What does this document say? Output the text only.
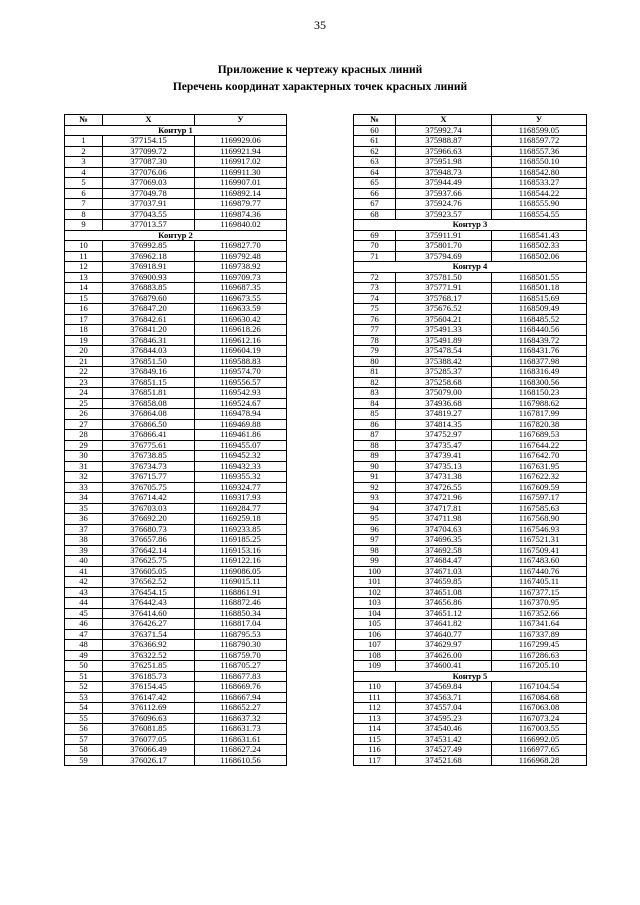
35
Приложение к чертежу красных линий
Перечень координат характерных точек красных линий
№	X	У
Контур 1		
1	377154.15	1169929.06
2	377099.72	1169921.94
3	377087.30	1169917.02
4	377076.06	1169911.30
5	377069.03	1169907.01
6	377049.78	1169892.14
7	377037.91	1169879.77
8	377043.55	1169874.36
9	377013.57	1169840.02
Контур 2		
10	376992.85	1169827.70
11	376962.18	1169792.48
12	376918.91	1169738.92
13	376900.93	1169709.73
14	376883.85	1169687.35
15	376879.60	1169673.55
16	376847.20	1169633.59
17	376842.61	1169630.42
18	376841.20	1169618.26
19	376846.31	1169612.16
20	376844.03	1169604.19
21	376851.50	1169588.83
22	376849.16	1169574.70
23	376851.15	1169556.57
24	376851.81	1169542.93
25	376858.08	1169524.67
26	376864.08	1169478.94
27	376866.50	1169469.88
28	376866.41	1169461.86
29	376775.61	1169455.07
30	376738.85	1169452.32
31	376734.73	1169432.33
32	376715.77	1169355.32
33	376705.75	1169324.77
34	376714.42	1169317.93
35	376703.03	1169284.77
36	376692.20	1169259.18
37	376680.73	1169233.85
38	376657.86	1169185.25
39	376642.14	1169153.16
40	376625.75	1169122.16
41	376605.05	1169086.05
42	376562.52	1169015.11
43	376454.15	1168861.91
44	376442.43	1168872.46
45	376414.60	1168850.34
46	376426.27	1168817.04
47	376371.54	1168795.53
48	376366.92	1168790.30
49	376322.52	1168759.70
50	376251.85	1168705.27
51	376185.73	1168677.83
52	376154.45	1168669.76
53	376147.42	1168667.94
54	376112.69	1168652.27
55	376096.63	1168637.32
56	376081.85	1168631.73
57	376077.05	1168631.61
58	376066.49	1168627.24
59	376026.17	1168610.56
№	X	У
60	375992.74	1168599.05
61	375988.87	1168597.72
62	375966.63	1168557.36
63	375951.98	1168550.10
64	375948.73	1168542.80
65	375944.49	1168533.27
66	375937.66	1168544.22
67	375924.76	1168555.90
68	375923.57	1168554.55
Контур 3		
69	375911.91	1168541.43
70	375801.70	1168502.33
71	375794.69	1168502.06
Контур 4		
72	375781.50	1168501.55
73	375771.91	1168501.18
74	375768.17	1168515.69
75	375676.52	1168509.49
76	375604.21	1168485.52
77	375491.33	1168440.56
78	375491.89	1168439.72
79	375478.54	1168431.76
80	375388.42	1168377.98
81	375285.37	1168316.49
82	375258.68	1168300.56
83	375079.00	1168150.23
84	374936.68	1167988.62
85	374819.27	1167817.99
86	374814.35	1167820.38
87	374752.97	1167689.53
88	374735.47	1167644.22
89	374739.41	1167642.70
90	374735.13	1167631.95
91	374731.38	1167622.32
92	374726.55	1167609.59
93	374721.96	1167597.17
94	374717.81	1167585.63
95	374711.98	1167568.90
96	374704.63	1167546.93
97	374696.35	1167521.31
98	374692.58	1167509.41
99	374684.47	1167483.60
100	374671.03	1167440.76
101	374659.85	1167405.11
102	374651.08	1167377.15
103	374656.86	1167370.95
104	374651.12	1167352.66
105	374641.82	1167341.64
106	374640.77	1167337.89
107	374629.97	1167299.45
108	374626.00	1167286.63
109	374600.41	1167205.10
Контур 5		
110	374569.84	1167104.54
111	374563.71	1167084.68
112	374557.04	1167063.08
113	374595.23	1167073.24
114	374540.46	1167003.55
115	374531.42	1166992.05
116	374527.49	1166977.65
117	374521.68	1166968.28
